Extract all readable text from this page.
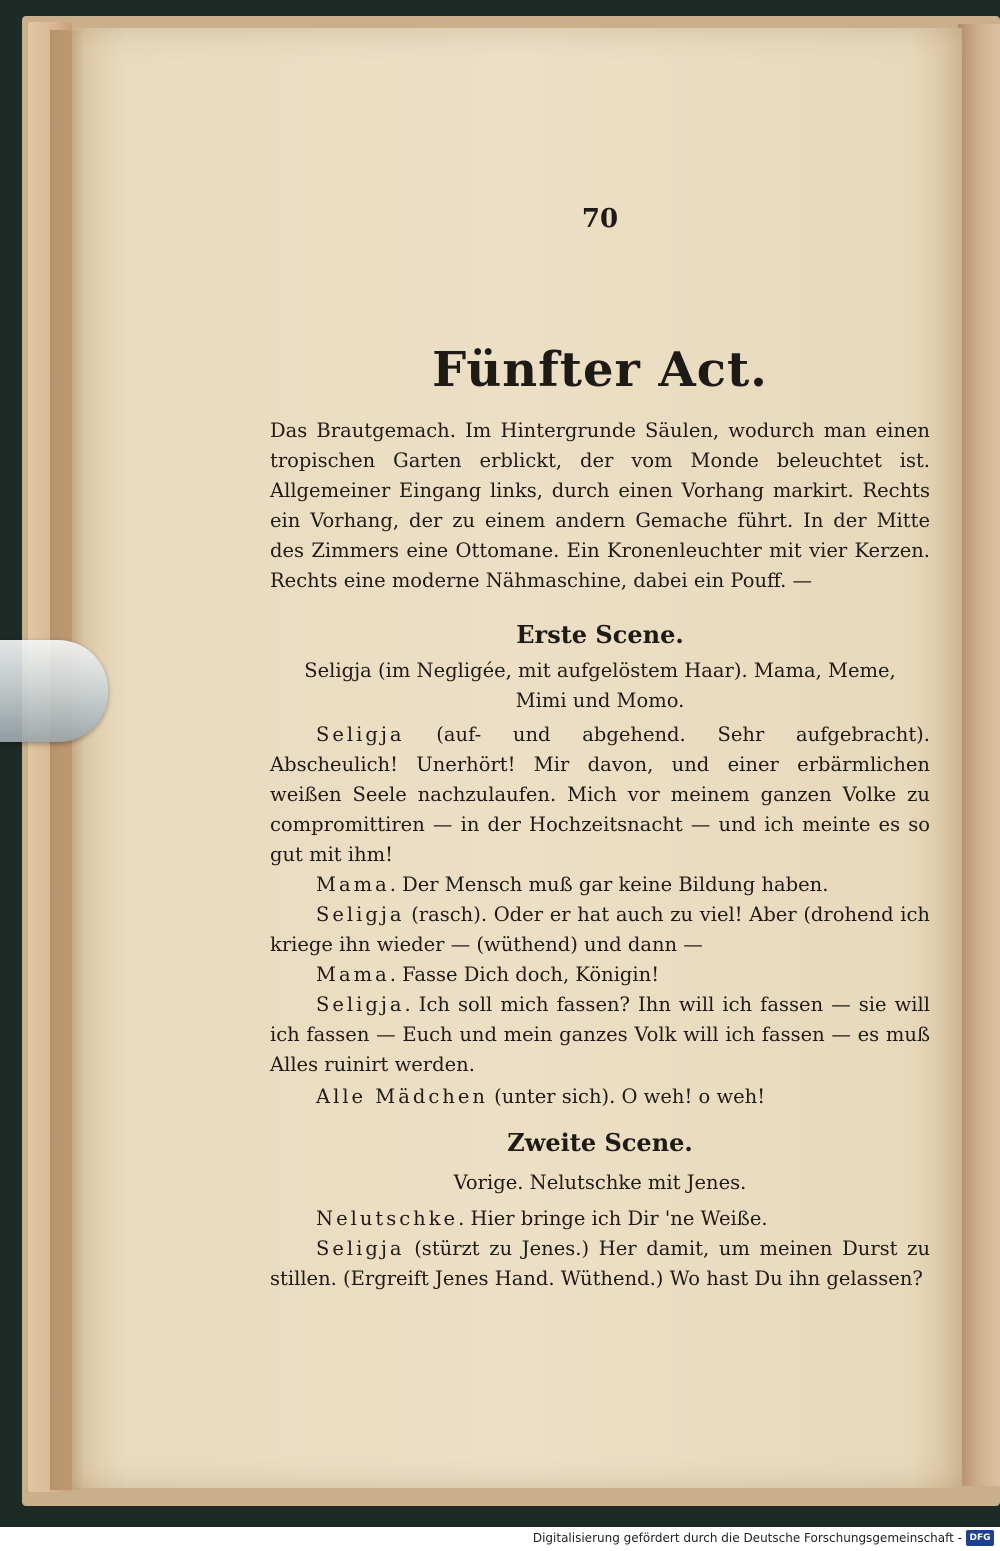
70
Fünfter Act.

Das Brautgemach. Im Hintergrunde Säulen, wodurch man einen tropischen Garten erblickt, der vom Monde beleuchtet ist. Allgemeiner Eingang links, durch einen Vorhang markirt. Rechts ein Vorhang, der zu einem andern Gemache führt. In der Mitte des Zimmers eine Ottomane. Ein Kronenleuchter mit vier Kerzen. Rechts eine moderne Nähmaschine, dabei ein Pouff. —

Erste Scene.

Seligja (im Negligée, mit aufgelöstem Haar). Mama, Meme,

Mimi und Momo.

Seligja (auf- und abgehend. Sehr aufgebracht). Abscheulich! Unerhört! Mir davon, und einer erbärmlichen weißen Seele nachzulaufen. Mich vor meinem ganzen Volke zu compromittiren — in der Hochzeitsnacht — und ich meinte es so gut mit ihm!

Mama. Der Mensch muß gar keine Bildung haben.

Seligja (rasch). Oder er hat auch zu viel! Aber (drohend ich kriege ihn wieder — (wüthend) und dann —

Mama. Fasse Dich doch, Königin!

Seligja. Ich soll mich fassen? Ihn will ich fassen — sie will ich fassen — Euch und mein ganzes Volk will ich fassen — es muß Alles ruinirt werden.

Alle Mädchen (unter sich). O weh! o weh!

Zweite Scene.

Vorige. Nelutschke mit Jenes.

Nelutschke. Hier bringe ich Dir 'ne Weiße.

Seligja (stürzt zu Jenes.) Her damit, um meinen Durst zu stillen. (Ergreift Jenes Hand. Wüthend.) Wo hast Du ihn gelassen?

Digitalisierung gefördert durch die Deutsche Forschungsgemeinschaft - DFG
